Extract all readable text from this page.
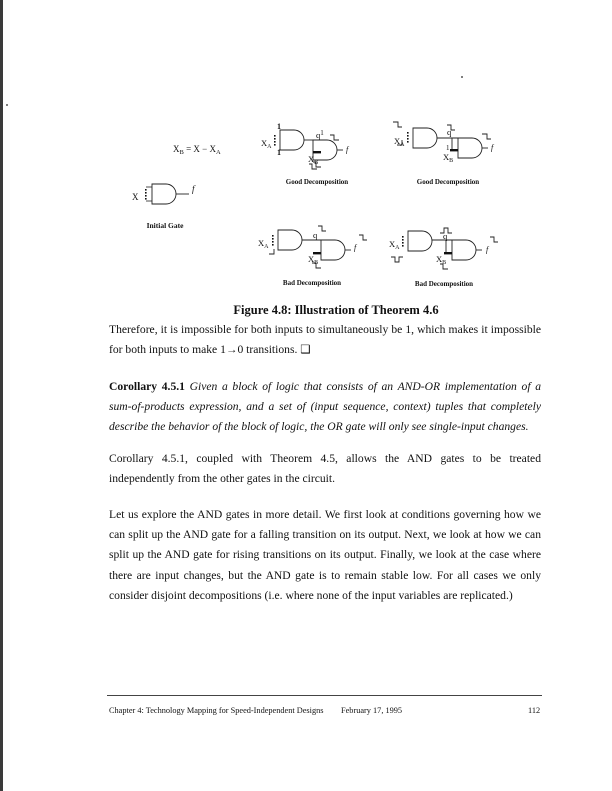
$X_B = X - X_A$
X
f
Initial Gate
$X_A$
1
1
$q^1$
$X_B$
f
Good Decomposition
$X_A$
q
1
$X_B$
f
Good Decomposition
$X_A$
q
$X_B$
f
Bad Decomposition
$X_A$
q
$X_B$
f
Bad Decomposition
Figure 4.8: Illustration of Theorem 4.6
Therefore, it is impossible for both inputs to simultaneously be 1, which makes it impossible for both inputs to make 1→0 transitions. ❑
Corollary 4.5.1 Given a block of logic that consists of an AND-OR implementation of a sum-of-products expression, and a set of (input sequence, context) tuples that completely describe the behavior of the block of logic, the OR gate will only see single-input changes.
Corollary 4.5.1, coupled with Theorem 4.5, allows the AND gates to be treated independently from the other gates in the circuit.
Let us explore the AND gates in more detail. We first look at conditions governing how we can split up the AND gate for a falling transition on its output. Next, we look at how we can split up the AND gate for rising transitions on its output. Finally, we look at the case where there are input changes, but the AND gate is to remain stable low. For all cases we only consider disjoint decompositions (i.e. where none of the input variables are replicated.)
Chapter 4: Technology Mapping for Speed-Independent Designs February 17, 1995	112
